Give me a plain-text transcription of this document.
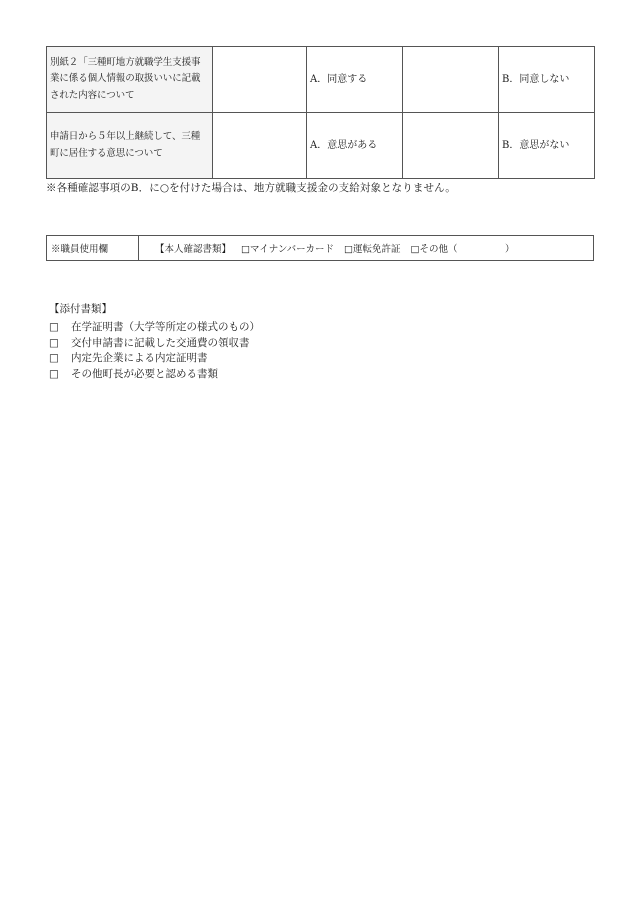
別紙２「三種町地方就職学生支援事業に係る個人情報の取扱いいに記載された内容について		A．同意する		B．同意しない
申請日から５年以上継続して、三種町に居住する意思について		A．意思がある		B．意思がない
※各種確認事項のB．に○を付けた場合は、地方就職支援金の支給対象となりません。
※職員使用欄	【本人確認書類】 □マイナンバーカード □運転免許証 □その他（　　　　　）
【添付書類】
□	在学証明書（大学等所定の様式のもの）
□	交付申請書に記載した交通費の領収書
□	内定先企業による内定証明書
□	その他町長が必要と認める書類
